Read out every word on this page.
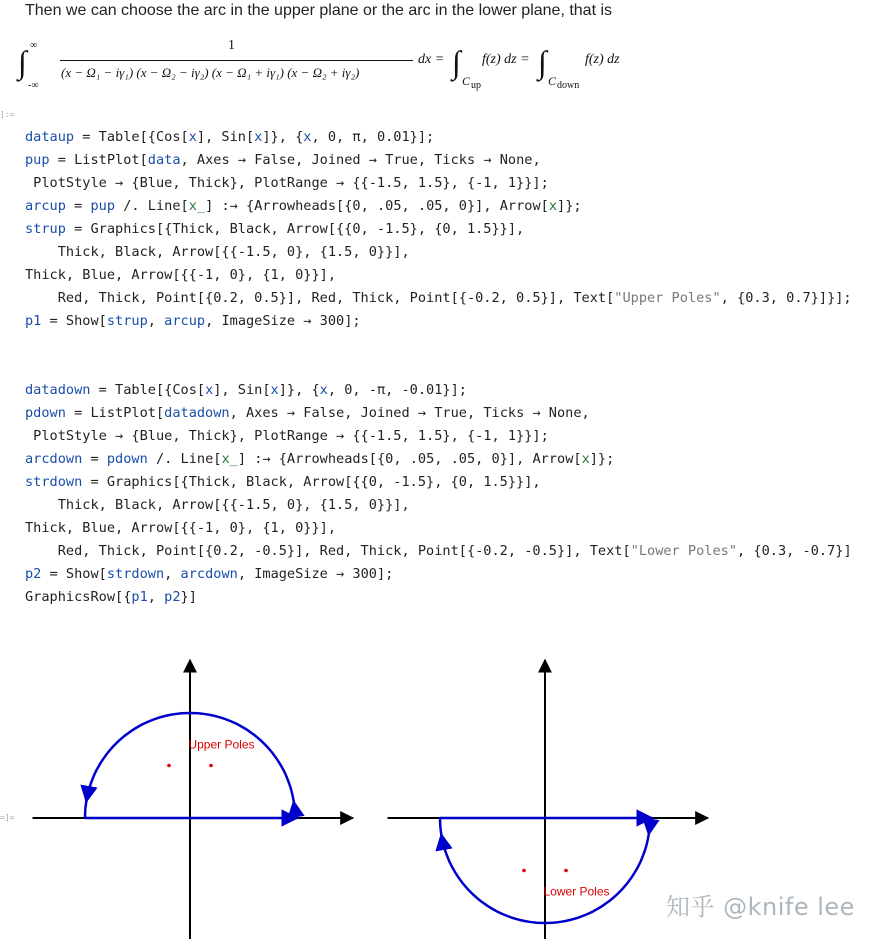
Then we can choose the arc in the upper plane or the arc in the lower plane, that is
∫ ∞
-∞
1
(x − Ω₁ − iγ₁) (x − Ω₂ − iγ₂) (x − Ω₁ + iγ₁) (x − Ω₂ + iγ₂)
dx = ∫
C up
f(z) dz = ∫
C down
f(z) dz
]:=
=]=
dataup = Table[{Cos[x], Sin[x]}, {x, 0, π, 0.01}];
pup = ListPlot[data, Axes → False, Joined → True, Ticks → None,
PlotStyle → {Blue, Thick}, PlotRange → {{-1.5, 1.5}, {-1, 1}}];
arcup = pup /. Line[x_] :→ {Arrowheads[{0, .05, .05, 0}], Arrow[x]};
strup = Graphics[{Thick, Black, Arrow[{{0, -1.5}, {0, 1.5}}],
Thick, Black, Arrow[{{-1.5, 0}, {1.5, 0}}],
Thick, Blue, Arrow[{{-1, 0}, {1, 0}}],
Red, Thick, Point[{0.2, 0.5}], Red, Thick, Point[{-0.2, 0.5}], Text["Upper Poles", {0.3, 0.7}]}];
p1 = Show[strup, arcup, ImageSize → 300];
datadown = Table[{Cos[x], Sin[x]}, {x, 0, -π, -0.01}];
pdown = ListPlot[datadown, Axes → False, Joined → True, Ticks → None,
PlotStyle → {Blue, Thick}, PlotRange → {{-1.5, 1.5}, {-1, 1}}];
arcdown = pdown /. Line[x_] :→ {Arrowheads[{0, .05, .05, 0}], Arrow[x]};
strdown = Graphics[{Thick, Black, Arrow[{{0, -1.5}, {0, 1.5}}],
Thick, Black, Arrow[{{-1.5, 0}, {1.5, 0}}],
Thick, Blue, Arrow[{{-1, 0}, {1, 0}}],
Red, Thick, Point[{0.2, -0.5}], Red, Thick, Point[{-0.2, -0.5}], Text["Lower Poles", {0.3, -0.7}]
p2 = Show[strdown, arcdown, ImageSize → 300];
GraphicsRow[{p1, p2}]
Upper Poles
Lower Poles
知乎 @knife lee
